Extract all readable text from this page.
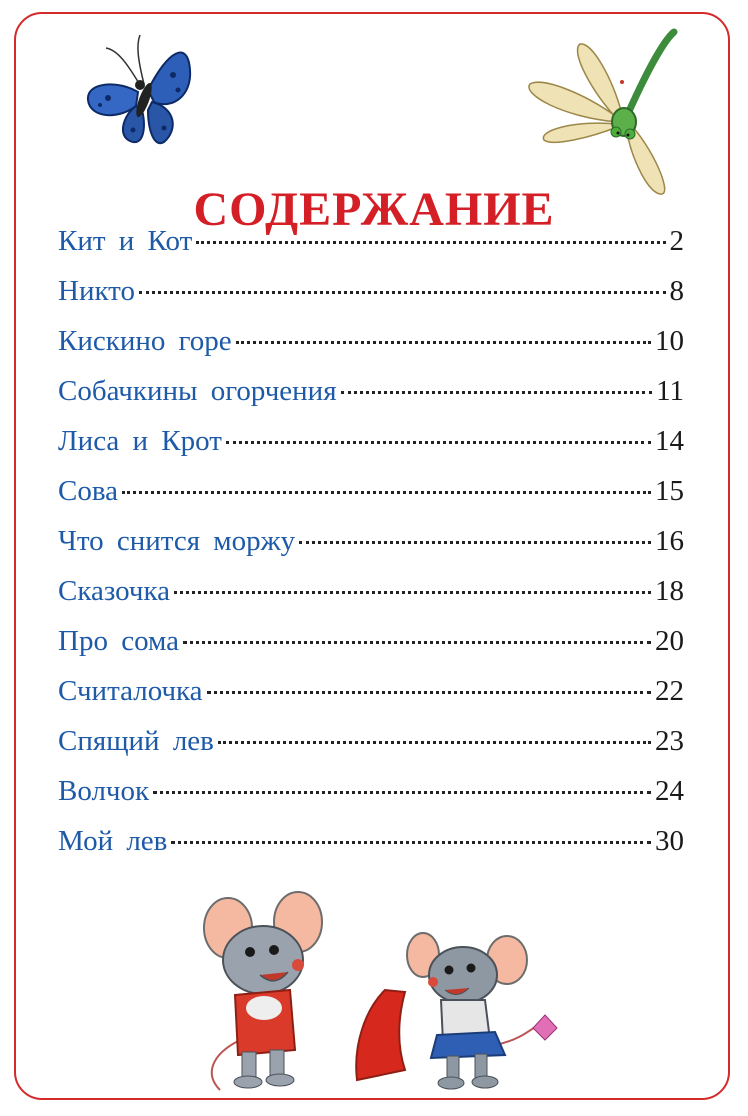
СОДЕРЖАНИЕ
Кит и Кот	2
Никто	8
Кискино горе	10
Собачкины огорчения	11
Лиса и Крот	14
Сова	15
Что снится моржу	16
Сказочка	18
Про сома	20
Считалочка	22
Спящий лев	23
Волчок	24
Мой лев	30
